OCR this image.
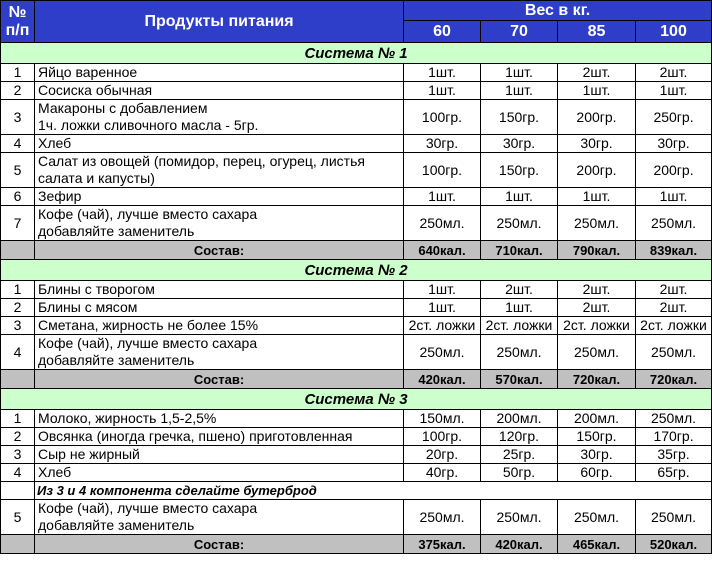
№
п/п	Продукты питания	Вес в кг.			
		60	70	85	100
Система № 1					
1	Яйцо варенное	1шт.	1шт.	2шт.	2шт.
2	Сосиска обычная	1шт.	1шт.	1шт.	1шт.
3	Макароны с добавлением
1ч. ложки сливочного масла - 5гр.	100гр.	150гр.	200гр.	250гр.
4	Хлеб	30гр.	30гр.	30гр.	30гр.
5	Салат из овощей (помидор, перец, огурец, листья
салата и капусты)	100гр.	150гр.	200гр.	200гр.
6	Зефир	1шт.	1шт.	1шт.	1шт.
7	Кофе (чай), лучше вместо сахара
добавляйте заменитель	250мл.	250мл.	250мл.	250мл.
	Состав:	640кал.	710кал.	790кал.	839кал.
Система № 2					
1	Блины с творогом	1шт.	2шт.	2шт.	2шт.
2	Блины с мясом	1шт.	1шт.	2шт.	2шт.
3	Сметана, жирность не более 15%	2ст. ложки	2ст. ложки	2ст. ложки	2ст. ложки
4	Кофе (чай), лучше вместо сахара
добавляйте заменитель	250мл.	250мл.	250мл.	250мл.
	Состав:	420кал.	570кал.	720кал.	720кал.
Система № 3					
1	Молоко, жирность 1,5-2,5%	150мл.	200мл.	200мл.	250мл.
2	Овсянка (иногда гречка, пшено) приготовленная	100гр.	120гр.	150гр.	170гр.
3	Сыр не жирный	20гр.	25гр.	30гр.	35гр.
4	Хлеб	40гр.	50гр.	60гр.	65гр.
	Из 3 и 4 компонента сделайте бутерброд				
5	Кофе (чай), лучше вместо сахара
добавляйте заменитель	250мл.	250мл.	250мл.	250мл.
	Состав:	375кал.	420кал.	465кал.	520кал.
